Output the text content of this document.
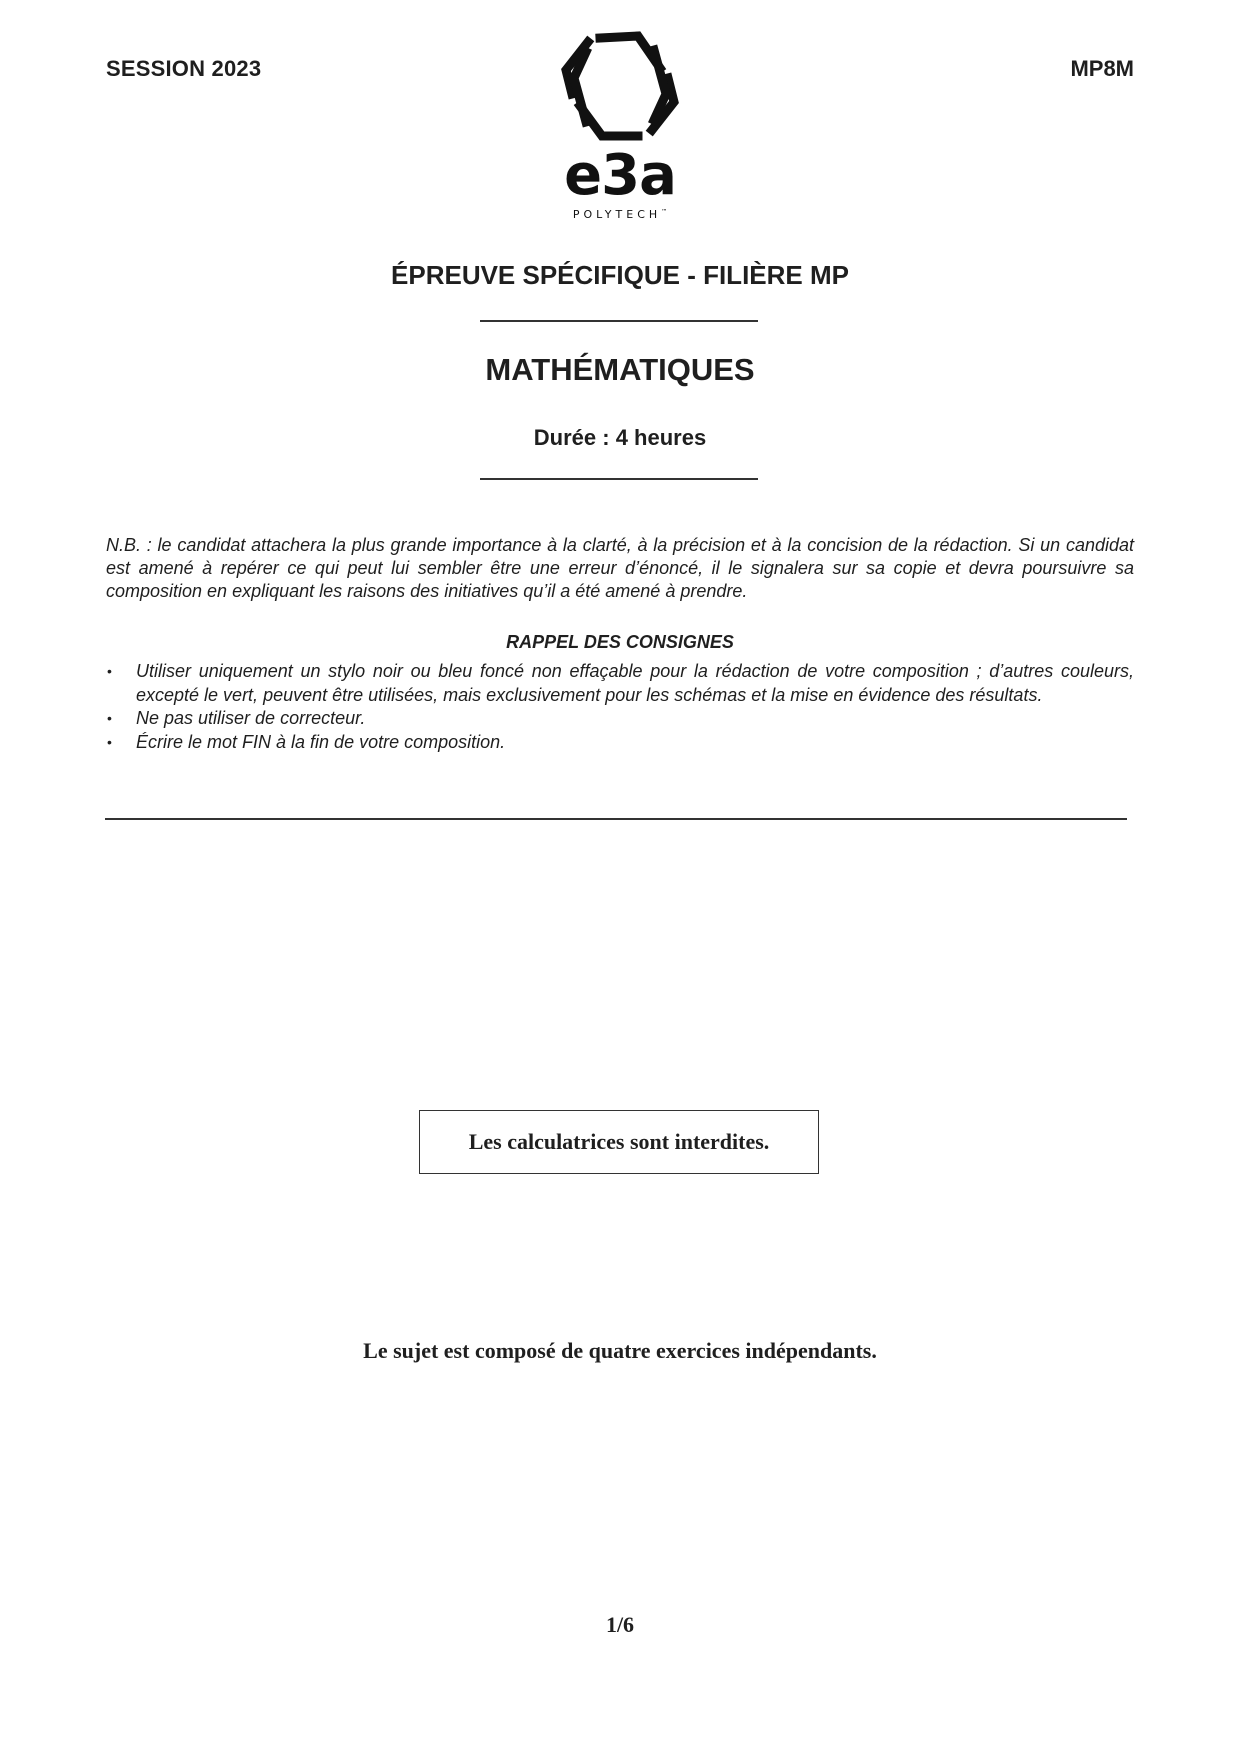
SESSION 2023	MP8M
e3a
POLYTECH™
ÉPREUVE SPÉCIFIQUE - FILIÈRE MP
MATHÉMATIQUES
Durée : 4 heures
N.B. : le candidat attachera la plus grande importance à la clarté, à la précision et à la concision de la rédaction. Si un candidat est amené à repérer ce qui peut lui sembler être une erreur d’énoncé, il le signalera sur sa copie et devra poursuivre sa composition en expliquant les raisons des initiatives qu’il a été amené à prendre.
RAPPEL DES CONSIGNES
• Utiliser uniquement un stylo noir ou bleu foncé non effaçable pour la rédaction de votre composition ; d’autres couleurs, excepté le vert, peuvent être utilisées, mais exclusivement pour les schémas et la mise en évidence des résultats.
• Ne pas utiliser de correcteur.
• Écrire le mot FIN à la fin de votre composition.
Les calculatrices sont interdites.
Le sujet est composé de quatre exercices indépendants.
1/6
